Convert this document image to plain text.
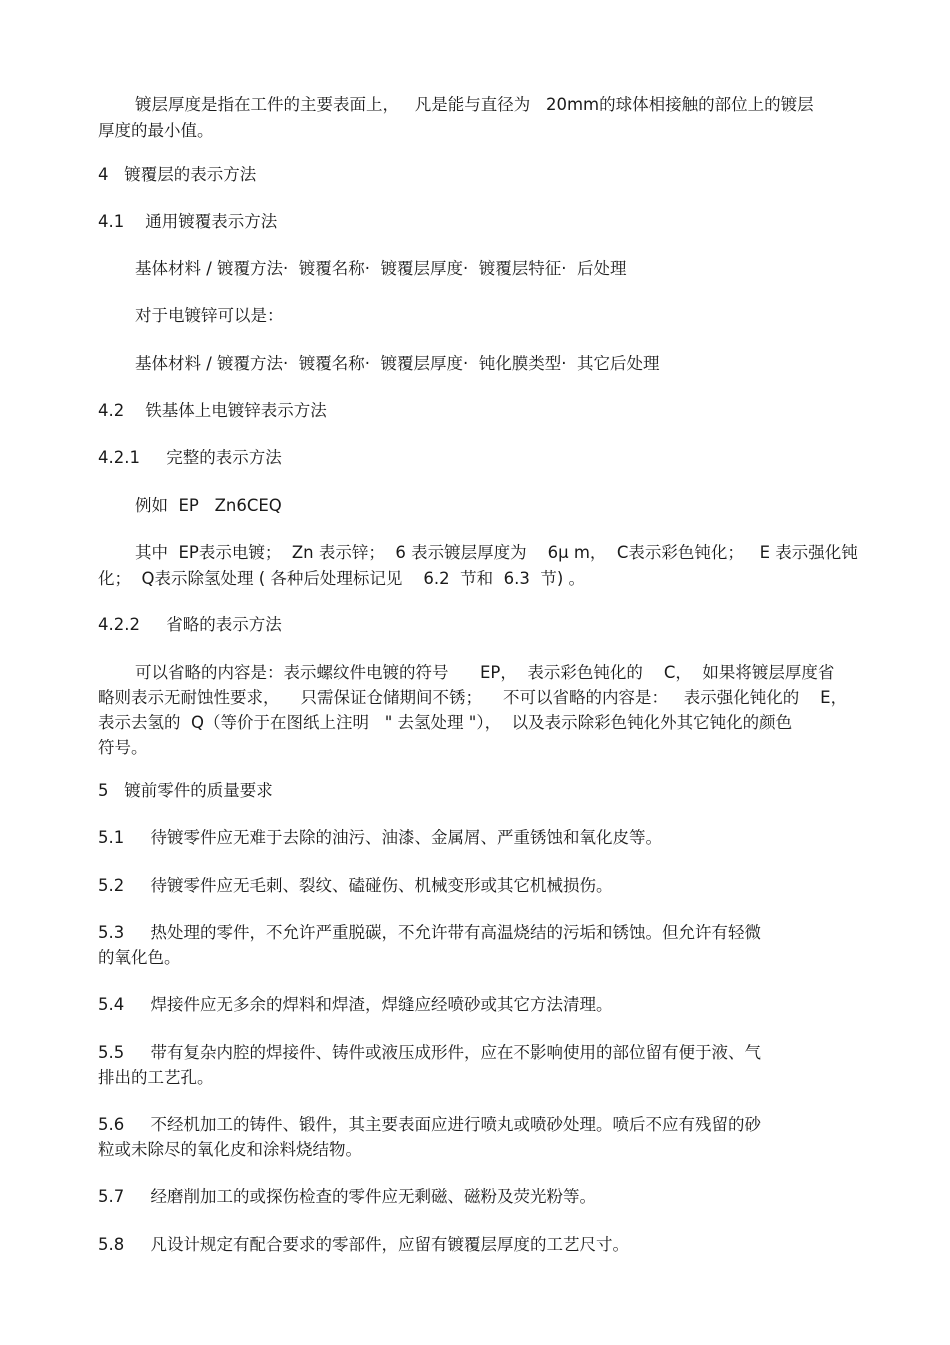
镀层厚度是指在工件的主要表面上，   凡是能与直径为   20mm的球体相接触的部位上的镀层
厚度的最小值。
4   镀覆层的表示方法
4.1    通用镀覆表示方法
基体材料 / 镀覆方法·  镀覆名称·  镀覆层厚度·  镀覆层特征·  后处理
对于电镀锌可以是：
基体材料 / 镀覆方法·  镀覆名称·  镀覆层厚度·  钝化膜类型·  其它后处理
4.2    铁基体上电镀锌表示方法
4.2.1     完整的表示方法
例如  EP   Zn6CEQ
其中  EP表示电镀；  Zn 表示锌；  6 表示镀层厚度为    6μ m，  C表示彩色钝化；   E 表示强化钝
化；  Q表示除氢处理 ( 各种后处理标记见    6.2  节和  6.3  节) 。
4.2.2     省略的表示方法
可以省略的内容是：表示螺纹件电镀的符号      EP，  表示彩色钝化的    C，  如果将镀层厚度省
略则表示无耐蚀性要求，    只需保证仓储期间不锈；    不可以省略的内容是：   表示强化钝化的    E，
表示去氢的  Q（等价于在图纸上注明   " 去氢处理 "），  以及表示除彩色钝化外其它钝化的颜色
符号。
5   镀前零件的质量要求
5.1     待镀零件应无难于去除的油污、油漆、金属屑、严重锈蚀和氧化皮等。
5.2     待镀零件应无毛刺、裂纹、磕碰伤、机械变形或其它机械损伤。
5.3     热处理的零件，不允许严重脱碳，不允许带有高温烧结的污垢和锈蚀。但允许有轻微
的氧化色。
5.4     焊接件应无多余的焊料和焊渣，焊缝应经喷砂或其它方法清理。
5.5     带有复杂内腔的焊接件、铸件或液压成形件，应在不影响使用的部位留有便于液、气
排出的工艺孔。
5.6     不经机加工的铸件、锻件，其主要表面应进行喷丸或喷砂处理。喷后不应有残留的砂
粒或未除尽的氧化皮和涂料烧结物。
5.7     经磨削加工的或探伤检查的零件应无剩磁、磁粉及荧光粉等。
5.8     凡设计规定有配合要求的零部件，应留有镀覆层厚度的工艺尺寸。
